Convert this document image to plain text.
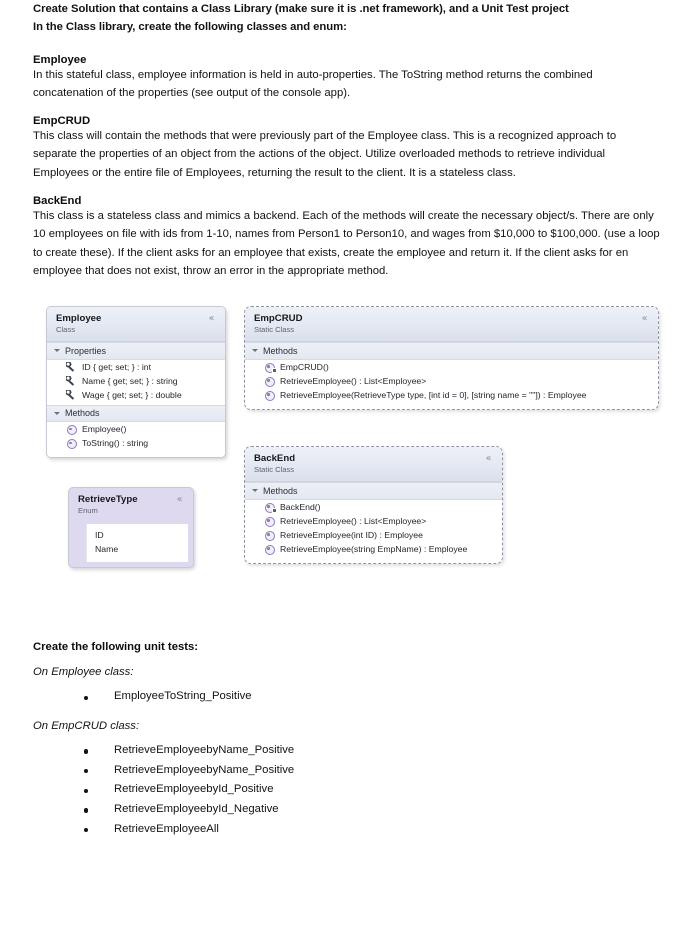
Create Solution that contains a Class Library (make sure it is .net framework), and a Unit Test project
In the Class library, create the following classes and enum:
Employee
In this stateful class, employee information is held in auto-properties. The ToString method returns the combined concatenation of the properties (see output of the console app).
EmpCRUD
This class will contain the methods that were previously part of the Employee class. This is a recognized approach to separate the properties of an object from the actions of the object. Utilize overloaded methods to retrieve individual Employees or the entire file of Employees, returning the result to the client. It is a stateless class.
BackEnd
This class is a stateless class and mimics a backend. Each of the methods will create the necessary object/s. There are only 10 employees on file with ids from 1-10, names from Person1 to Person10, and wages from $10,000 to $100,000. (use a loop to create these). If the client asks for an employee that exists, create the employee and return it. If the client asks for en employee that does not exist, throw an error in the appropriate method.
Employee
Class
«
Properties
ID { get; set; } : int
Name { get; set; } : string
Wage { get; set; } : double
Methods
Employee()
ToString() : string
RetrieveType
Enum
«
ID
Name
EmpCRUD
Static Class
«
Methods
EmpCRUD()
RetrieveEmployee() : List<Employee>
RetrieveEmployee(RetrieveType type, [int id = 0], [string name = ""]) : Employee
BackEnd
Static Class
«
Methods
BackEnd()
RetrieveEmployee() : List<Employee>
RetrieveEmployee(int ID) : Employee
RetrieveEmployee(string EmpName) : Employee
Create the following unit tests:
On Employee class:
EmployeeToString_Positive
On EmpCRUD class:
RetrieveEmployeebyName_Positive
RetrieveEmployeebyName_Positive
RetrieveEmployeebyId_Positive
RetrieveEmployeebyId_Negative
RetrieveEmployeeAll
